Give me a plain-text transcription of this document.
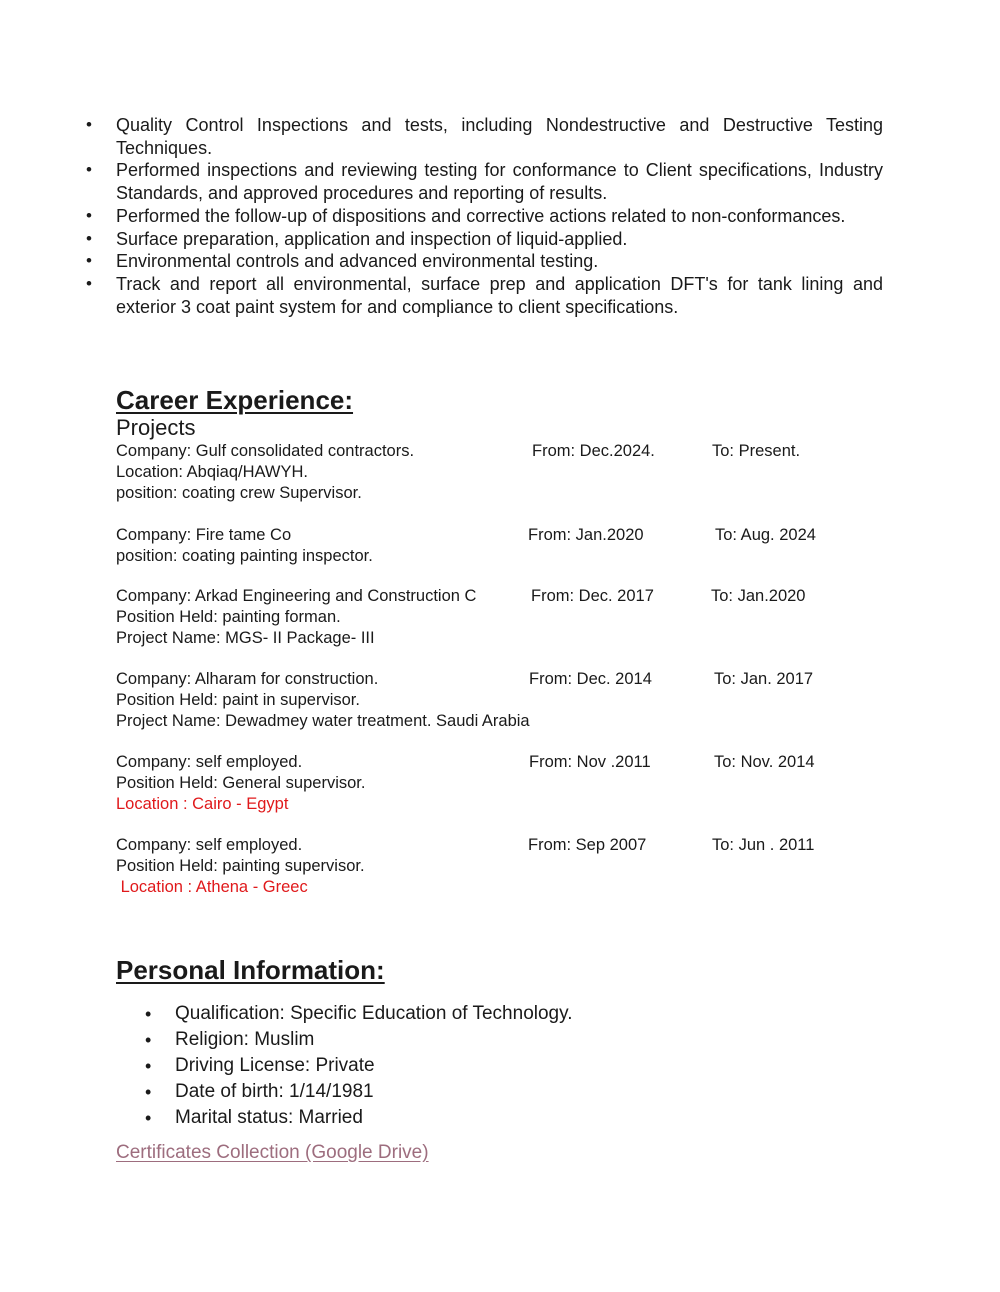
• Quality Control Inspections and tests, including Nondestructive and Destructive Testing Techniques.
• Performed inspections and reviewing testing for conformance to Client specifications, Industry Standards, and approved procedures and reporting of results.
• Performed the follow-up of dispositions and corrective actions related to non-conformances.
• Surface preparation, application and inspection of liquid-applied.
• Environmental controls and advanced environmental testing.
• Track and report all environmental, surface prep and application DFT's for tank lining and exterior 3 coat paint system for and compliance to client specifications.
Career Experience:
Projects
Company: Gulf consolidated contractors.	From: Dec.2024.	To: Present.
Location: Abqiaq/HAWYH.
position: coating crew Supervisor.
Company: Fire tame Co	From: Jan.2020	To: Aug. 2024
position: coating painting inspector.
Company: Arkad Engineering and Construction C	From: Dec. 2017	To: Jan.2020
Position Held: painting forman.
Project Name: MGS- II Package- III
Company: Alharam for construction.	From: Dec. 2014	To: Jan. 2017
Position Held: paint in supervisor.
Project Name: Dewadmey water treatment. Saudi Arabia
Company: self employed.	From: Nov .2011	To: Nov. 2014
Position Held: General supervisor.
Location : Cairo - Egypt
Company: self employed.	From: Sep 2007	To: Jun . 2011
Position Held: painting supervisor.
Location : Athena - Greec
Personal Information:
• Qualification: Specific Education of Technology.
• Religion: Muslim
• Driving License: Private
• Date of birth: 1/14/1981
• Marital status: Married
Certificates Collection (Google Drive)
